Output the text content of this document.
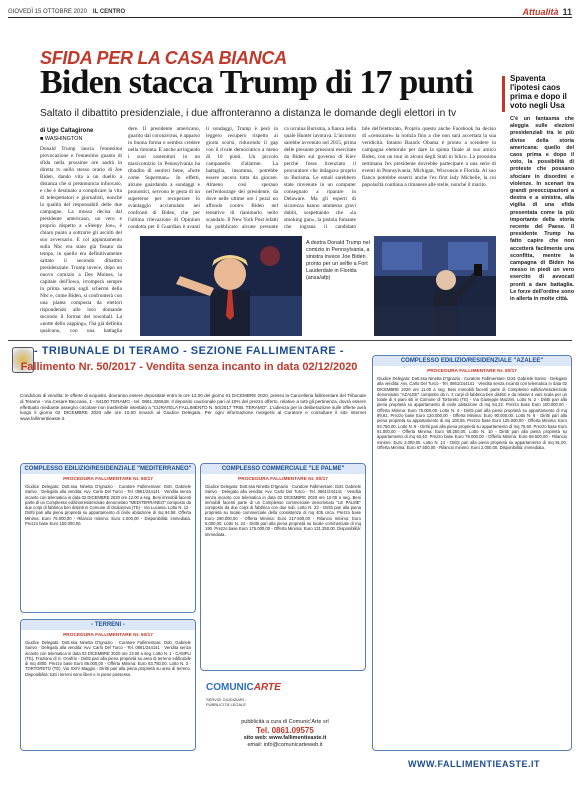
GIOVEDÌ 15 OTTOBRE 2020 IL CENTRO	Attualità 11
SFIDA PER LA CASA BIANCA
Biden stacca Trump di 17 punti
Saltato il dibattito presidenziale, i due affronteranno a distanza le domande degli elettori in tv
di Ugo Caltagirone
■ WASHINGTON
Donald Trump lancia l'ennesima provocazione e l'ennesimo guanto di sfida nella prossime ore andrà in diretta tv nello stesso orario di Joe Biden, dando vita a un duello a distanza che si preannuncia infuocato, e che è destinato a complicare la vita di telespettatori e giornalisti, nonché la qualità del responsabili delle due campagne. La mossa decisa dal presidente americano, un vero e proprio dispetto a «Sleepy Joe», è chiaro punto a sottrarre gli ascolti del suo avversario. E col appuntamento sulla Nbc era stato già fissato da tempo, in quello era definitivamente saltato il secondo dibattito presidenziale. Trump invece, dopo un nuovo comizio a Des Moines, la capitale dell'Iowa, irromperà sempre in prima serata sugli schermi della Nbc e, come Biden, si confronterà con una platea composta da elettori rispondendo alle loro domande secondo il format del townhall. La «notte dello zapping», l'ha già definita qualcuno, con una battaglia
dere. Il presidente americano, guarito dal coronavirus, è apparso in buona forma e sembra credere nella rimonta. E anche arringando i suoi sostenitori in un maxicomizio in Pennsylvania ha ribadito di sentirsi bene, «forte come Superman». In effetti, alcune guardando a sondaggi e pronostici, servono le gesta di un supereroe per recuperare lo svantaggio accumulato nei confronti di Biden, che per l'ultima rilevazione di Opinium condotta per il Guardian è avanti
li sondaggi, Trump è però in leggero recupero rispetto ai giorni scorsi, riducendo il gap con il rivale democratico a meno di 10 punti. Un piccolo campanello d'allarme. La battaglia, insomma, potrebbe essere ancora tutta da giocare. Almeno così sperano nell'entourage del presidente, da dove nelle ultime ore i pezzi no affondo contro Biden nel tentativo di rianimarlo nello scandalo. Il New York Post infatti ha pubblicato alcune presunte
ca ucraina Burisma, a fianca nella quale Hunter lavorava. L'incontro sarebbe avvenuto nel 2015, prima delle presunte pressioni esercitate da Biden sul governo di Kiev perché fosse licenziato il procuratore che indagava proprio su Burisma. Le email sarebbero state rinvenute in un computer consegnato a riparare in Delaware. Ma gli esperti di sicurezza hanno ammesso gravi dubbi, sospettando che «la smoking gun», la pistola fumante che ingrana il candidato
bile dell'elettorato. Proprio questo anche Facebook ha deciso di «censurare» la notizia fino a che non sarà accertata la sua veridicità. Intanto Barack Obama è pronto a scendere in campagna elettorale per dare la spinta finale al suo amico Biden, con un tour in alcuni degli Stati in bilico. La prossima settimana l'ex presidente dovrebbe partecipare a una serie di eventi in Pennsylvania, Michigan, Wisconsin e Florida. Al suo fianco potrebbe esserci anche l'ex first lady Michelle, la cui popolarità continua a rimanere alle stelle, nonché il marito.
A destra Donald Trump nel comizio in Pennsylvania, a sinistra invece Joe Biden pronto per un selfie a Fort Lauderdale in Florida (ansa/afp)
Spaventa l'ipotesi caos prima e dopo il voto negli Usa
C'è un fantasma che aleggia sulle elezioni presidenziali tra le più divise della storia americana: quello del caos prima e dopo il voto, la possibilità di proteste che possano sfociare in disordini e violenze. In scenari tra grandi preoccupazioni a destra e a sinistra, alla vigilia di una sfida presentata come la più importante della storia recente del Paese. Il presidente Trump ha fatto capire che non accetterà facilmente una sconfitta, mentre la campagna di Biden ha messo in piedi un vero esercito di avvocati pronti a dare battaglia. Le forze dell'ordine sono in allerta in molte città.
- TRIBUNALE DI TERAMO - SEZIONE FALLIMENTARE -
Fallimento Nr. 50/2017 - Vendita senza incanto in data 02/12/2020
Condizioni di vendita: le offerte di acquisto, dovranno essere depositate entro le ore 13.00 del giorno 01 DICEMBRE 2020, presso la Cancelleria fallimentare del Tribunale di Teramo - Via Cesare Beccaria, 1 - 64100 TERAMO - tel. 0861.326648. Il deposito cauzionale pari al 10% del prezzo offerto, relative a tutti gli pertinenza, dovrà essere effettuato mediante assegno circolare non trasferibile intestato a "CURATELA FALLIMENTO N. 50/2017 TRIB. TERAMO". L'udienza per la deliberazione sulle offerte avrà luogo il giorno 02 DICEMBRE 2020 alle ore 10.00 innanzi al Giudice Delegato. Per ogni informazione rivolgersi al Curatore e consultare il sito internet www.fallimentieaste.it.
COMPLESSO EDILIZIO/RESIDENZIALE "MEDITERRANEO"
PROCEDURA FALLIMENTARE Nr. 50/17
Giudice Delegato: Dott.ssa Ninetta D'Ignazio · Curatore Fallimentare: Dott. Gabriele Sarivo · Delegato alla vendita: Avv. Carlo Del Turco - Tel. 0861/244141 · Vendita senza incanto con telematica in data 02 DICEMBRE 2020 ore 12.00 a seg. Beni immobili facenti parte di un Complesso edilizio/residenziale denominato "MEDITERRANEO" composto da due corpi di fabbrica ben distinti in Comune di Giulianova (TE) - Via Lucania. Lotto N. 12 - Diritti pari alla piena proprietà su appartamento di civile abitazione di mq 94,58. Offerta Minima: Euro 75.000,00 - Rilancio minimo: Euro 2.000,00 - Disponibilità: immediata. Prezzo base Euro 100.000,00.
COMPLESSO COMMERCIALE "LE PALME"
PROCEDURA FALLIMENTARE Nr. 50/17
Giudice Delegato: Dott.ssa Ninetta D'Ignazio · Curatore Fallimentare: Dott. Gabriele Sarivo · Delegato alla vendita: Avv. Carlo Del Turco - Tel. 0861/244141 · Vendita senza incanto con telematica in data 02 DICEMBRE 2020 ore 10.00 a seg. Beni immobili facenti parte di un Complesso commerciale denominato "LE PALME" composto da due corpi di fabbrica con due sub. Lotto N. 23 - Diritti pari alla piena proprietà su locale commerciale della consistenza di mq 405 circa. Prezzo base Euro 290.000,00 - Offerta Minima: Euro 217.500,00 - Rilancio minimo: Euro 5.000,00. Lotto N. 24 - Diritti pari alla piena proprietà su locale commerciale di mq 190. Prezzo base Euro 175.000,00 - Offerta Minima: Euro 131.250,00. Disponibilità: immediata.
- TERRENI -
PROCEDURA FALLIMENTARE Nr. 50/17
Giudice Delegato: Dott.ssa Ninetta D'Ignazio · Curatore Fallimentare: Dott. Gabriele Sarivo · Delegato alla vendita: Avv. Carlo Del Turco - Tel. 0861/244141 · Vendita senza incanto con telematica in data 02 DICEMBRE 2020 ore 13.00 a seg. Lotto N. 1 - CAMPLI (TE), Frazione di S. Onofrio - Diritti pari alla piena proprietà su area di terreno edificabile di mq 4800. Prezzo base Euro 85.000,00 - Offerta Minima: Euro 63.750,00. Lotto N. 3 - TORTORETO (TE), Via XXIV Maggio - Diritti pari alla piena proprietà su area di terreno. Disponibilità: tutti i terreni sono liberi e in pieno possesso.
COMPLESSO EDILIZIO/RESIDENZIALE "AZALEE"
PROCEDURA FALLIMENTARE Nr. 50/17
Giudice Delegato: Dott.ssa Ninetta D'Ignazio · Curatore Fallimentare: Dott. Gabriele Sarivo · Delegato alla vendita: Avv. Carlo Del Turco - Tel. 0861/244141 · Vendita senza incanto con telematica in data 02 DICEMBRE 2020 ore 11.00 a seg. Beni immobili facenti parte di Complesso edilizio/residenziale denominato "AZALEE" composto da n. 3 corpi di fabbrica ben distinti e da relativi 4 vani scala per un totale di 4 piani siti in Comune di Tortoreto (TE) - Via Giuseppe Mazzini. Lotto N. 2 - Diritti pari alla piena proprietà su appartamento di civile abitazione di mq 84,22. Prezzo base Euro 100.000,00 - Offerta Minima: Euro 75.000,00. Lotto N. 4 - Diritti pari alla piena proprietà su appartamento di mq 99,81. Prezzo base Euro 120.000,00 - Offerta Minima: Euro 90.000,00. Lotto N. 6 - Diritti pari alla piena proprietà su appartamento di mq 108,55. Prezzo base Euro 125.000,00 - Offerta Minima: Euro 93.750,00. Lotto N. 8 - Diritti pari alla piena proprietà su appartamento di mq 75,60. Prezzo base Euro 91.000,00 - Offerta Minima: Euro 68.250,00. Lotto N. 10 - Diritti pari alla piena proprietà su appartamento di mq 63,40. Prezzo base Euro 78.000,00 - Offerta Minima: Euro 58.500,00 - Rilancio minimo: Euro 2.000,00. Lotto N. 14 - Diritti pari alla piena proprietà su appartamento di mq 91,00. Offerta Minima: Euro 67.500,00 - Rilancio minimo: Euro 2.000,00. Disponibilità: immediata.
COMUNICARTE
SERVIZI GIUDIZIARI - PUBBLICITÀ LEGALE
pubblicità a cura di Comunic'Arte srl
Tel. 0861.09575
sito web: www.fallimentieaste.it
email: info@comunicarteweb.it
WWW.FALLIMENTIEASTE.IT
